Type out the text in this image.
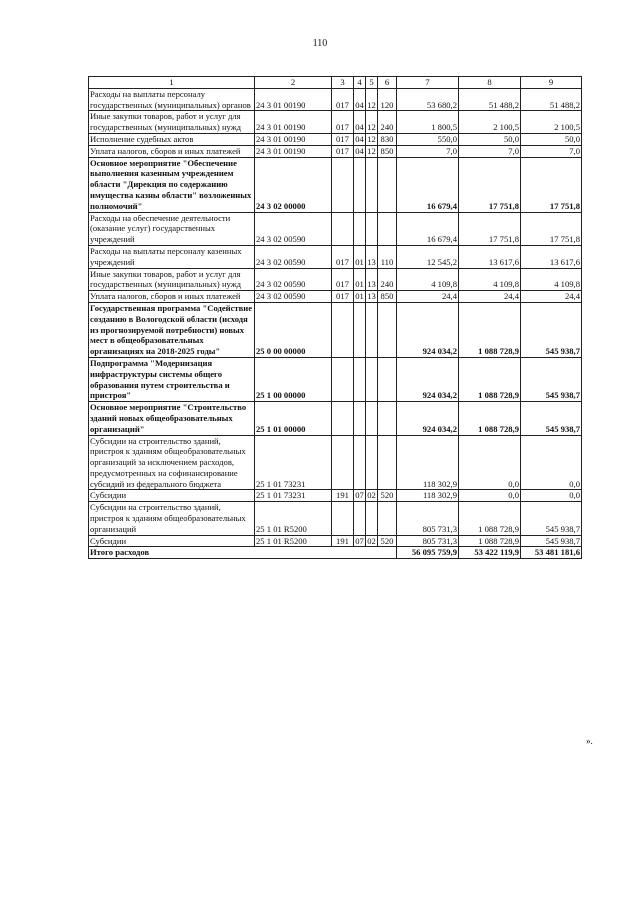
110
1	2	3	4	5	6	7	8	9
Расходы на выплаты персоналу государственных (муниципальных) органов	24 3 01 00190	017	04	12	120	53 680,2	51 488,2	51 488,2
Иные закупки товаров, работ и услуг для государственных (муниципальных) нужд	24 3 01 00190	017	04	12	240	1 800,5	2 100,5	2 100,5
Исполнение судебных актов	24 3 01 00190	017	04	12	830	550,0	50,0	50,0
Уплата налогов, сборов и иных платежей	24 3 01 00190	017	04	12	850	7,0	7,0	7,0
Основное мероприятие "Обеспечение выполнения казенным учреждением области "Дирекция по содержанию имущества казны области" возложенных полномочий"	24 3 02 00000					16 679,4	17 751,8	17 751,8
Расходы на обеспечение деятельности (оказание услуг) государственных учреждений	24 3 02 00590					16 679,4	17 751,8	17 751,8
Расходы на выплаты персоналу казенных учреждений	24 3 02 00590	017	01	13	110	12 545,2	13 617,6	13 617,6
Иные закупки товаров, работ и услуг для государственных (муниципальных) нужд	24 3 02 00590	017	01	13	240	4 109,8	4 109,8	4 109,8
Уплата налогов, сборов и иных платежей	24 3 02 00590	017	01	13	850	24,4	24,4	24,4
Государственная программа "Содействие созданию в Вологодской области (исходя из прогнозируемой потребности) новых мест в общеобразовательных организациях на 2018-2025 годы"	25 0 00 00000					924 034,2	1 088 728,9	545 938,7
Подпрограмма "Модернизация инфраструктуры системы общего образования путем строительства и пристроя"	25 1 00 00000					924 034,2	1 088 728,9	545 938,7
Основное мероприятие "Строительство зданий новых общеобразовательных организаций"	25 1 01 00000					924 034,2	1 088 728,9	545 938,7
Субсидии на строительство зданий, пристроя к зданиям общеобразовательных организаций за исключением расходов, предусмотренных на софинансирование субсидий из федерального бюджета	25 1 01 73231					118 302,9	0,0	0,0
Субсидии	25 1 01 73231	191	07	02	520	118 302,9	0,0	0,0
Субсидии на строительство зданий, пристроя к зданиям общеобразовательных организаций	25 1 01 R5200					805 731,3	1 088 728,9	545 938,7
Субсидии	25 1 01 R5200	191	07	02	520	805 731,3	1 088 728,9	545 938,7
Итого расходов						56 095 759,9	53 422 119,9	53 481 181,6
».
